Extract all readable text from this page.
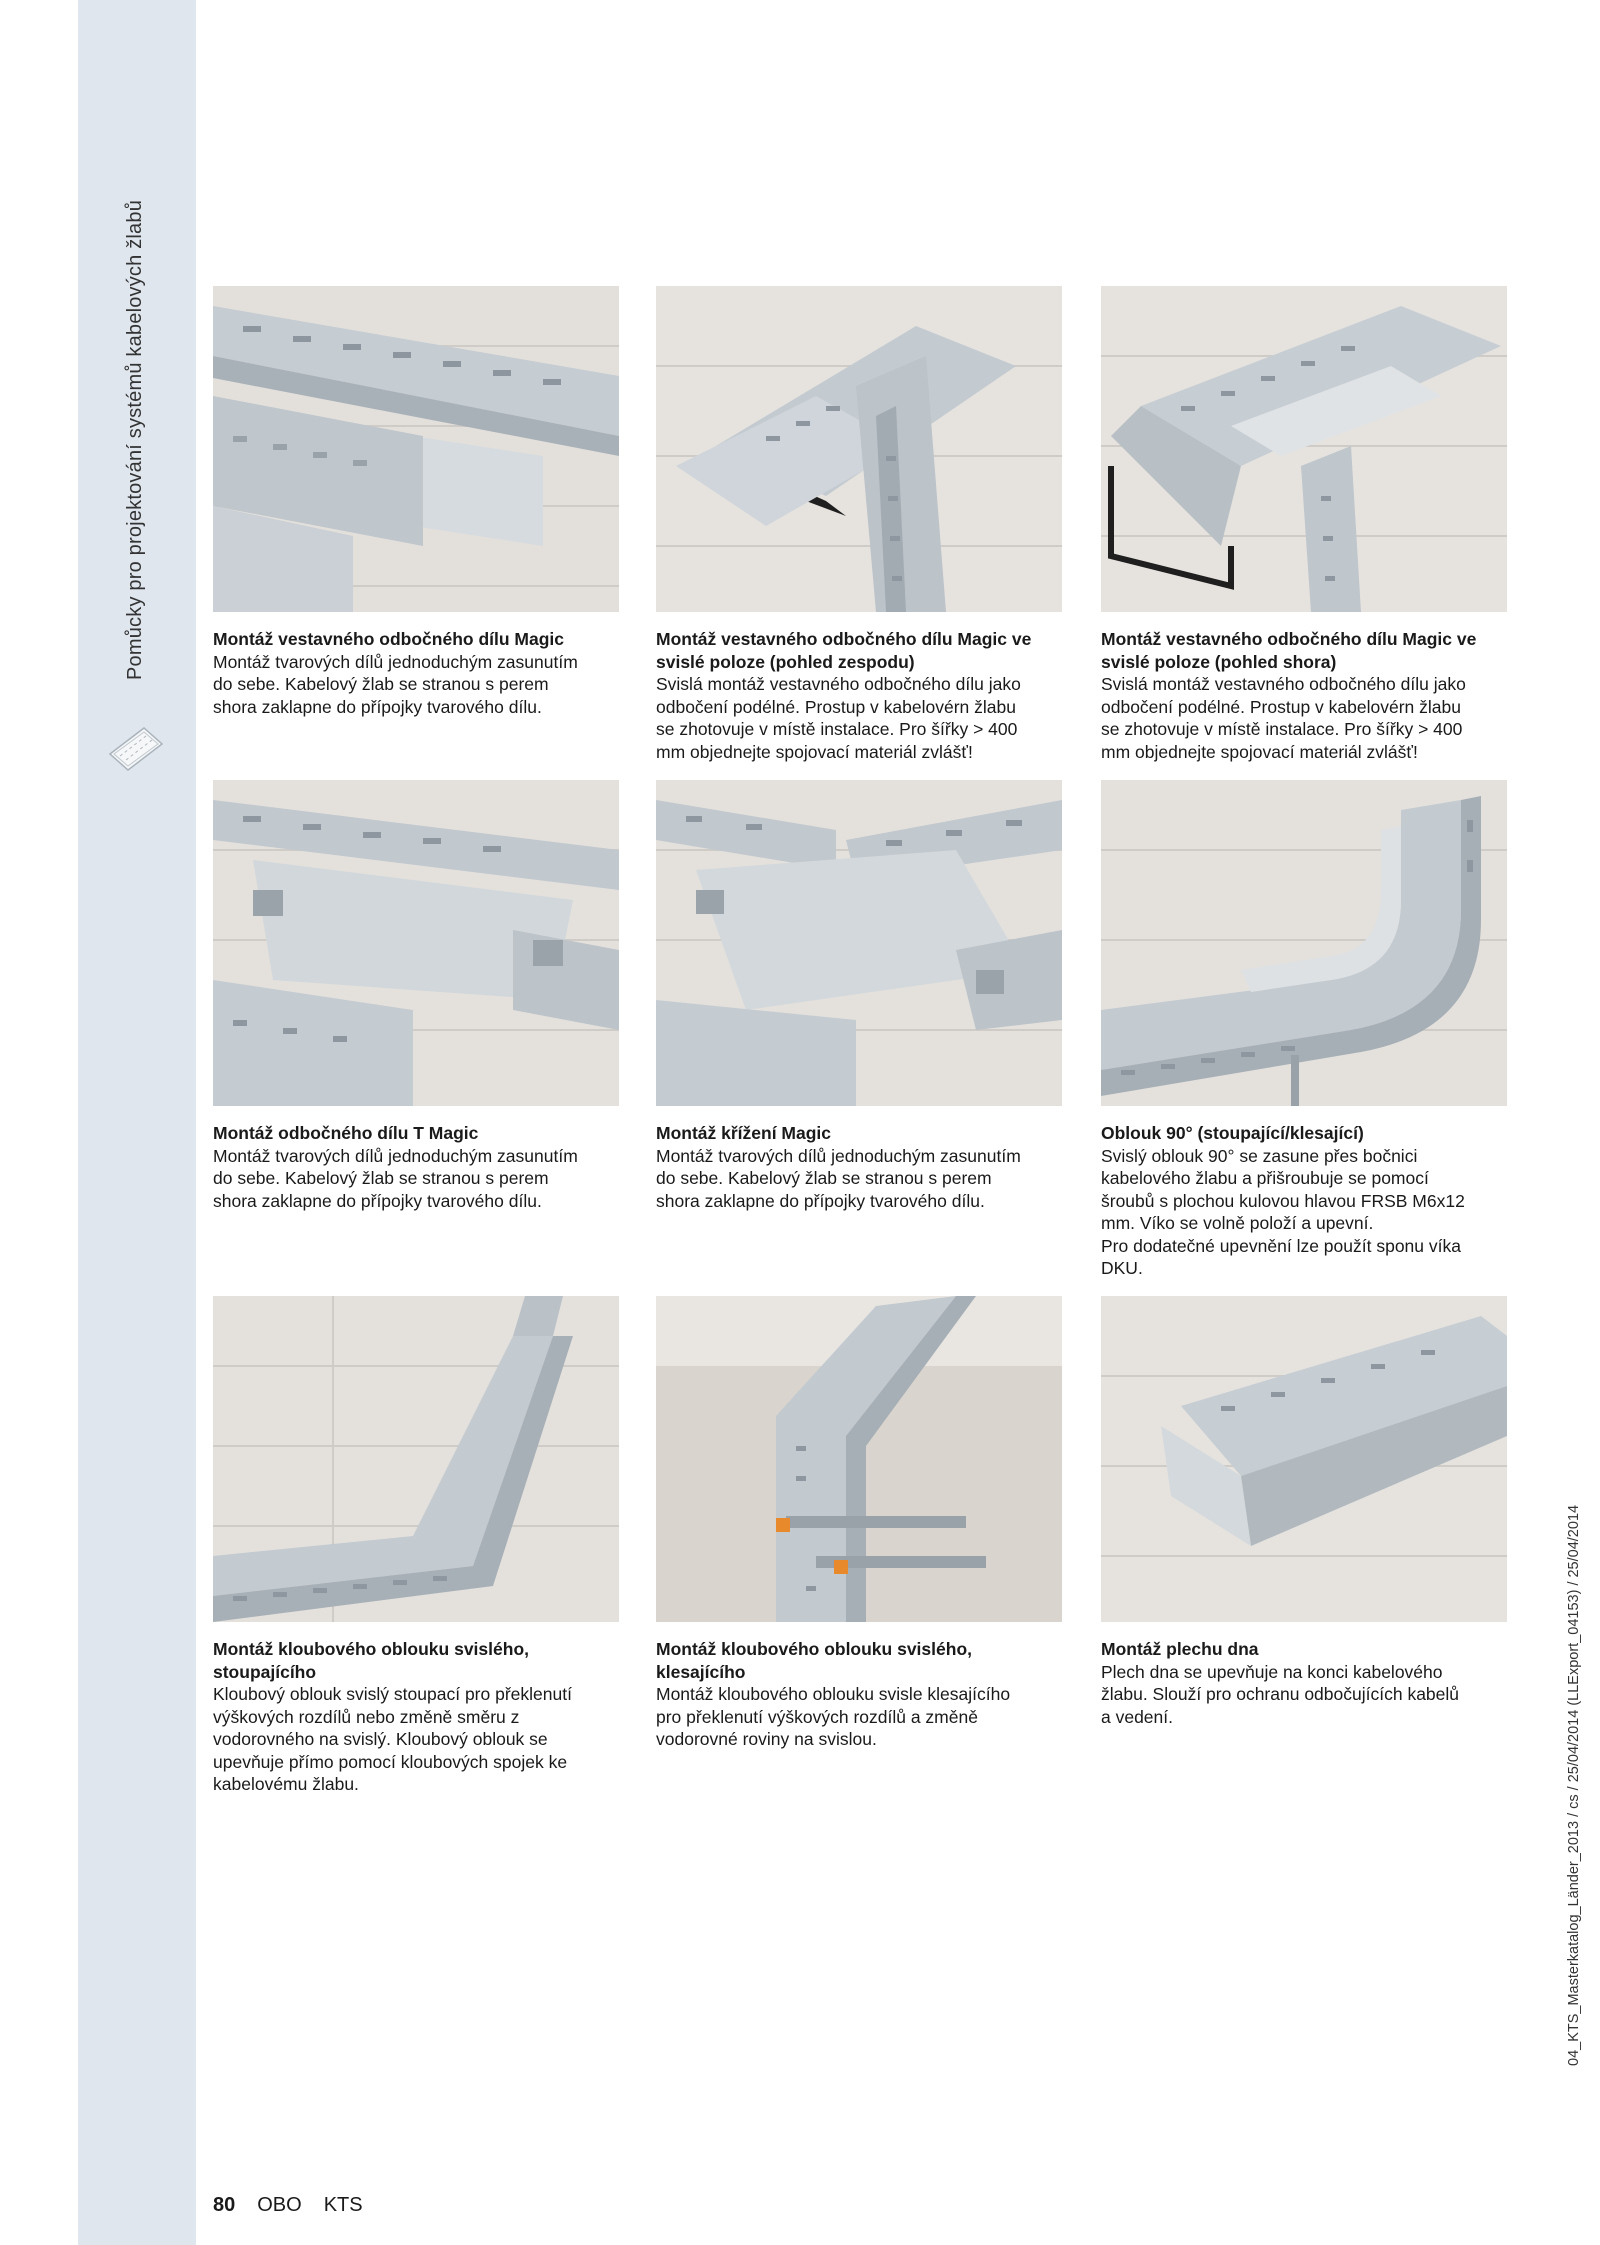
Pomůcky pro projektování systémů kabelových žlabů
04_KTS_Masterkatalog_Länder_2013 / cs / 25/04/2014 (LLExport_04153) / 25/04/2014
Montáž vestavného odbočného dílu Magic
Montáž tvarových dílů jednoduchým zasunutím
do sebe. Kabelový žlab se stranou s perem
shora zaklapne do přípojky tvarového dílu.
Montáž vestavného odbočného dílu Magic ve
svislé poloze (pohled zespodu)
Svislá montáž vestavného odbočného dílu jako
odbočení podélné. Prostup v kabelovérn žlabu
se zhotovuje v místě instalace. Pro šířky > 400
mm objednejte spojovací materiál zvlášť!
Montáž vestavného odbočného dílu Magic ve
svislé poloze (pohled shora)
Svislá montáž vestavného odbočného dílu jako
odbočení podélné. Prostup v kabelovérn žlabu
se zhotovuje v místě instalace. Pro šířky > 400
mm objednejte spojovací materiál zvlášť!
Montáž odbočného dílu T Magic
Montáž tvarových dílů jednoduchým zasunutím
do sebe. Kabelový žlab se stranou s perem
shora zaklapne do přípojky tvarového dílu.
Montáž křížení Magic
Montáž tvarových dílů jednoduchým zasunutím
do sebe. Kabelový žlab se stranou s perem
shora zaklapne do přípojky tvarového dílu.
Oblouk 90° (stoupající/klesající)
Svislý oblouk 90° se zasune přes bočnici
kabelového žlabu a přišroubuje se pomocí
šroubů s plochou kulovou hlavou FRSB M6x12
mm. Víko se volně položí a upevní.
Pro dodatečné upevnění lze použít sponu víka
DKU.
Montáž kloubového oblouku svislého,
stoupajícího
Kloubový oblouk svislý stoupací pro překlenutí
výškových rozdílů nebo změně směru z
vodorovného na svislý. Kloubový oblouk se
upevňuje přímo pomocí kloubových spojek ke
kabelovému žlabu.
Montáž kloubového oblouku svislého,
klesajícího
Montáž kloubového oblouku svisle klesajícího
pro překlenutí výškových rozdílů a změně
vodorovné roviny na svislou.
Montáž plechu dna
Plech dna se upevňuje na konci kabelového
žlabu. Slouží pro ochranu odbočujících kabelů
a vedení.
80 OBO KTS
